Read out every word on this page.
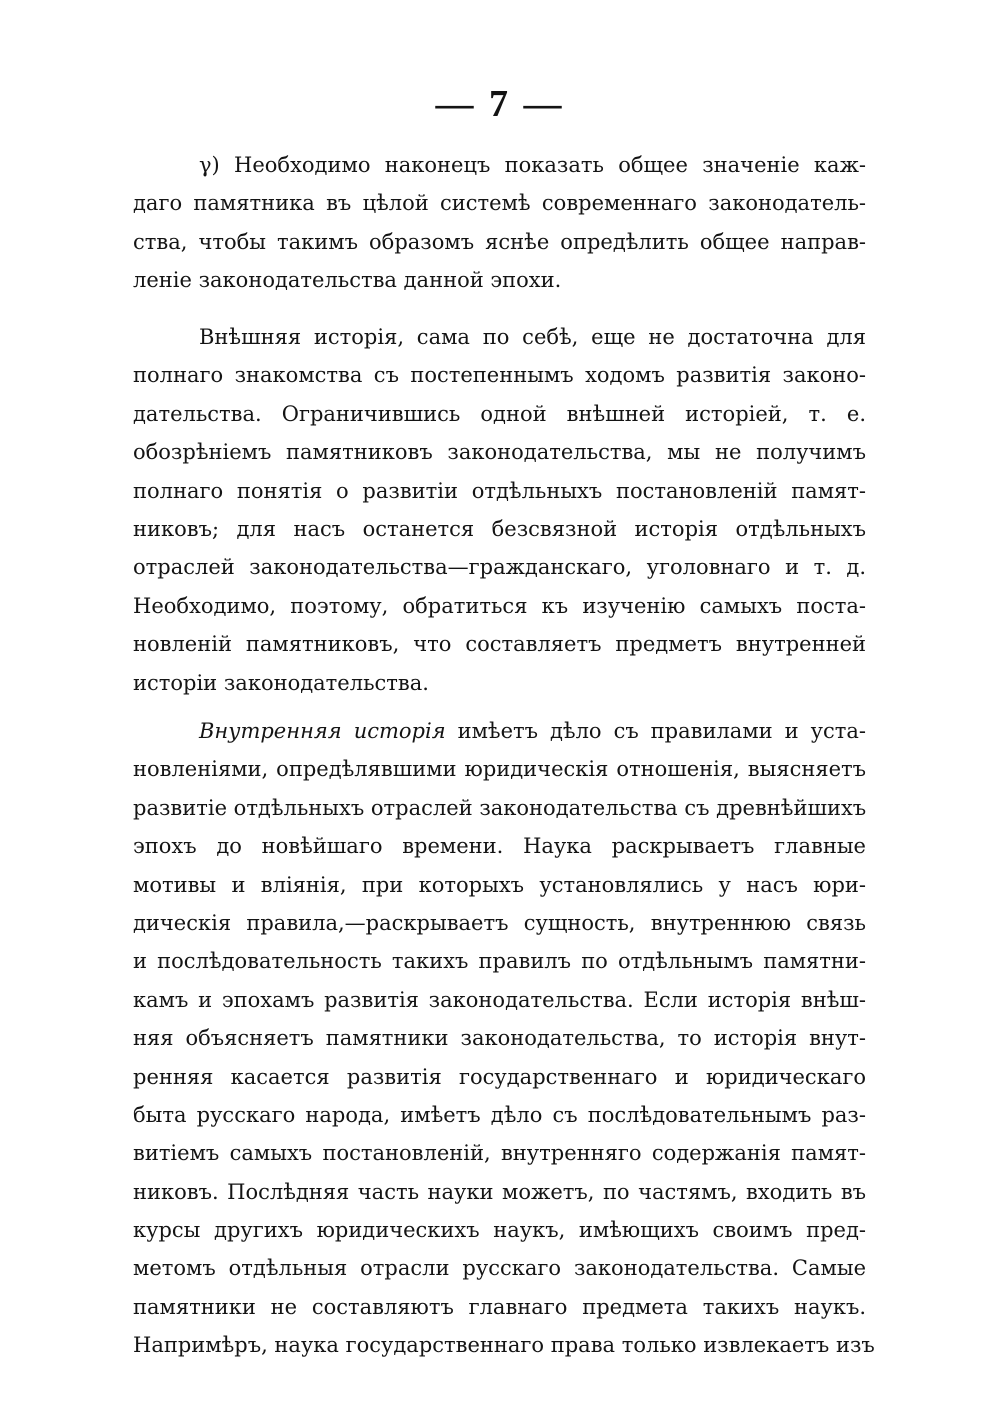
— 7 —
γ) Необходимо наконецъ показать общее значеніе каж-
даго памятника въ цѣлой системѣ современнаго законодатель-
ства, чтобы такимъ образомъ яснѣе опредѣлить общее направ-
леніе законодательства данной эпохи.
Внѣшняя исторія, сама по себѣ, еще не достаточна для
полнаго знакомства съ постепеннымъ ходомъ развитія законо-
дательства. Ограничившись одной внѣшней исторіей, т. е.
обозрѣніемъ памятниковъ законодательства, мы не получимъ
полнаго понятія о развитіи отдѣльныхъ постановленій памят-
никовъ; для насъ останется безсвязной исторія отдѣльныхъ
отраслей законодательства—гражданскаго, уголовнаго и т. д.
Необходимо, поэтому, обратиться къ изученію самыхъ поста-
новленій памятниковъ, что составляетъ предметъ внутренней
исторіи законодательства.
Внутренняя исторія имѣетъ дѣло съ правилами и уста-
новленіями, опредѣлявшими юридическія отношенія, выясняетъ
развитіе отдѣльныхъ отраслей законодательства съ древнѣйшихъ
эпохъ до новѣйшаго времени. Наука раскрываетъ главные
мотивы и вліянія, при которыхъ установлялись у насъ юри-
дическія правила,—раскрываетъ сущность, внутреннюю связь
и послѣдовательность такихъ правилъ по отдѣльнымъ памятни-
камъ и эпохамъ развитія законодательства. Если исторія внѣш-
няя объясняетъ памятники законодательства, то исторія внут-
ренняя касается развитія государственнаго и юридическаго
быта русскаго народа, имѣетъ дѣло съ послѣдовательнымъ раз-
витіемъ самыхъ постановленій, внутренняго содержанія памят-
никовъ. Послѣдняя часть науки можетъ, по частямъ, входить въ
курсы другихъ юридическихъ наукъ, имѣющихъ своимъ пред-
метомъ отдѣльныя отрасли русскаго законодательства. Самые
памятники не составляютъ главнаго предмета такихъ наукъ.
Напримѣръ, наука государственнаго права только извлекаетъ изъ
